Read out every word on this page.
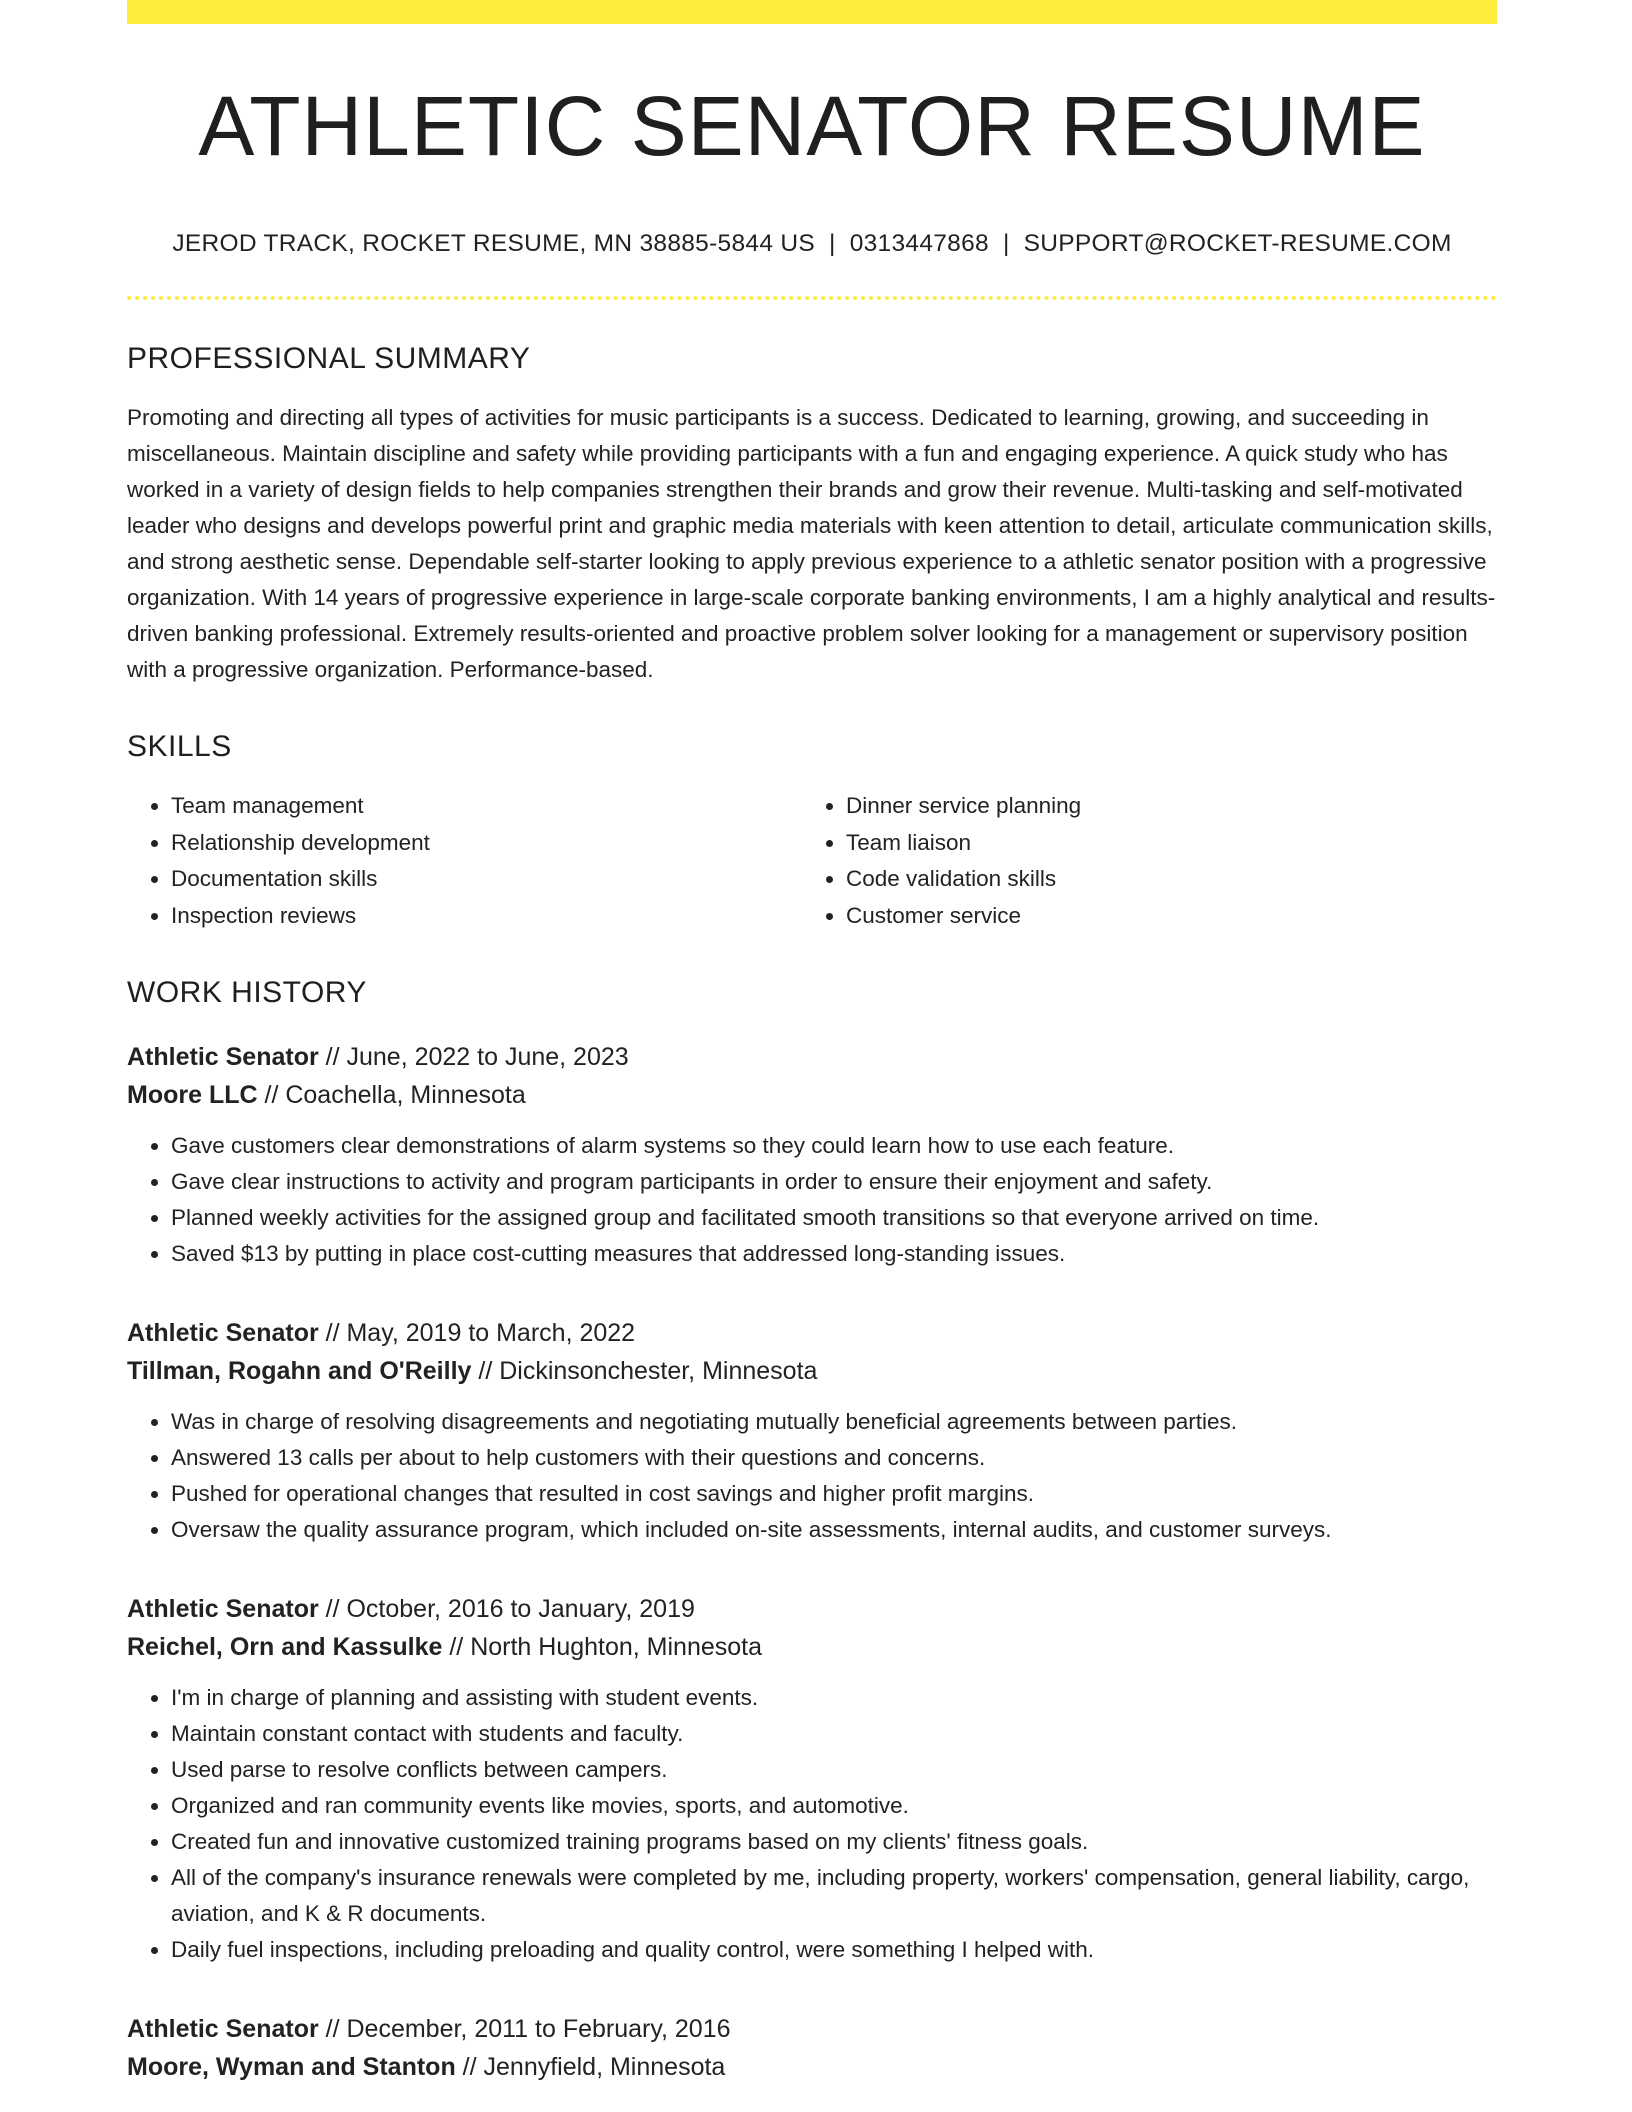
ATHLETIC SENATOR RESUME
JEROD TRACK, ROCKET RESUME, MN 38885-5844 US | 0313447868 | SUPPORT@ROCKET-RESUME.COM
PROFESSIONAL SUMMARY

Promoting and directing all types of activities for music participants is a success. Dedicated to learning, growing, and succeeding in miscellaneous. Maintain discipline and safety while providing participants with a fun and engaging experience. A quick study who has worked in a variety of design fields to help companies strengthen their brands and grow their revenue. Multi-tasking and self-motivated leader who designs and develops powerful print and graphic media materials with keen attention to detail, articulate communication skills, and strong aesthetic sense. Dependable self-starter looking to apply previous experience to a athletic senator position with a progressive organization. With 14 years of progressive experience in large-scale corporate banking environments, I am a highly analytical and results-driven banking professional. Extremely results-oriented and proactive problem solver looking for a management or supervisory position with a progressive organization. Performance-based.

SKILLS
• Team management
• Relationship development
• Documentation skills
• Inspection reviews
• Dinner service planning
• Team liaison
• Code validation skills
• Customer service
WORK HISTORY
Athletic Senator // June, 2022 to June, 2023
Moore LLC // Coachella, Minnesota
• Gave customers clear demonstrations of alarm systems so they could learn how to use each feature.
• Gave clear instructions to activity and program participants in order to ensure their enjoyment and safety.
• Planned weekly activities for the assigned group and facilitated smooth transitions so that everyone arrived on time.
• Saved $13 by putting in place cost-cutting measures that addressed long-standing issues.
Athletic Senator // May, 2019 to March, 2022
Tillman, Rogahn and O'Reilly // Dickinsonchester, Minnesota
• Was in charge of resolving disagreements and negotiating mutually beneficial agreements between parties.
• Answered 13 calls per about to help customers with their questions and concerns.
• Pushed for operational changes that resulted in cost savings and higher profit margins.
• Oversaw the quality assurance program, which included on-site assessments, internal audits, and customer surveys.
Athletic Senator // October, 2016 to January, 2019
Reichel, Orn and Kassulke // North Hughton, Minnesota
• I'm in charge of planning and assisting with student events.
• Maintain constant contact with students and faculty.
• Used parse to resolve conflicts between campers.
• Organized and ran community events like movies, sports, and automotive.
• Created fun and innovative customized training programs based on my clients' fitness goals.
• All of the company's insurance renewals were completed by me, including property, workers' compensation, general liability, cargo, aviation, and K & R documents.
• Daily fuel inspections, including preloading and quality control, were something I helped with.
Athletic Senator // December, 2011 to February, 2016
Moore, Wyman and Stanton // Jennyfield, Minnesota
